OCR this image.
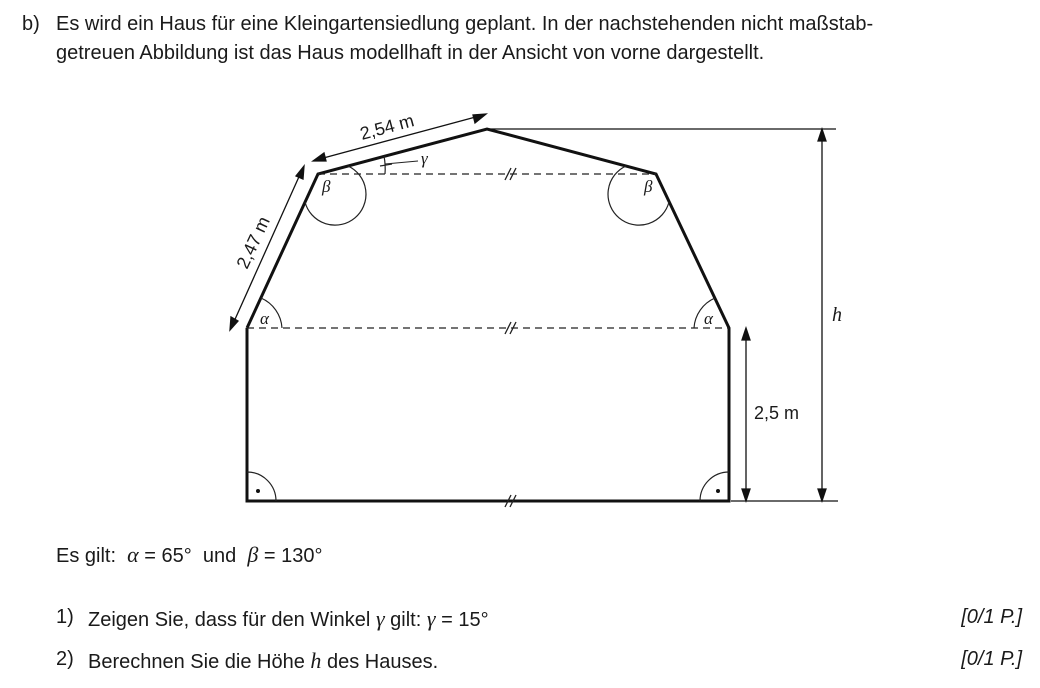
b) Es wird ein Haus für eine Kleingartensiedlung geplant. In der nachstehenden nicht maßstab-
getreuen Abbildung ist das Haus modellhaft in der Ansicht von vorne dargestellt.
2,54 m
2,47 m
2,5 m
h
α	α
β	β
γ
Es gilt: α = 65° und β = 130°
1) Zeigen Sie, dass für den Winkel γ gilt: γ = 15°	[0/1 P.]
2) Berechnen Sie die Höhe h des Hauses.	[0/1 P.]
